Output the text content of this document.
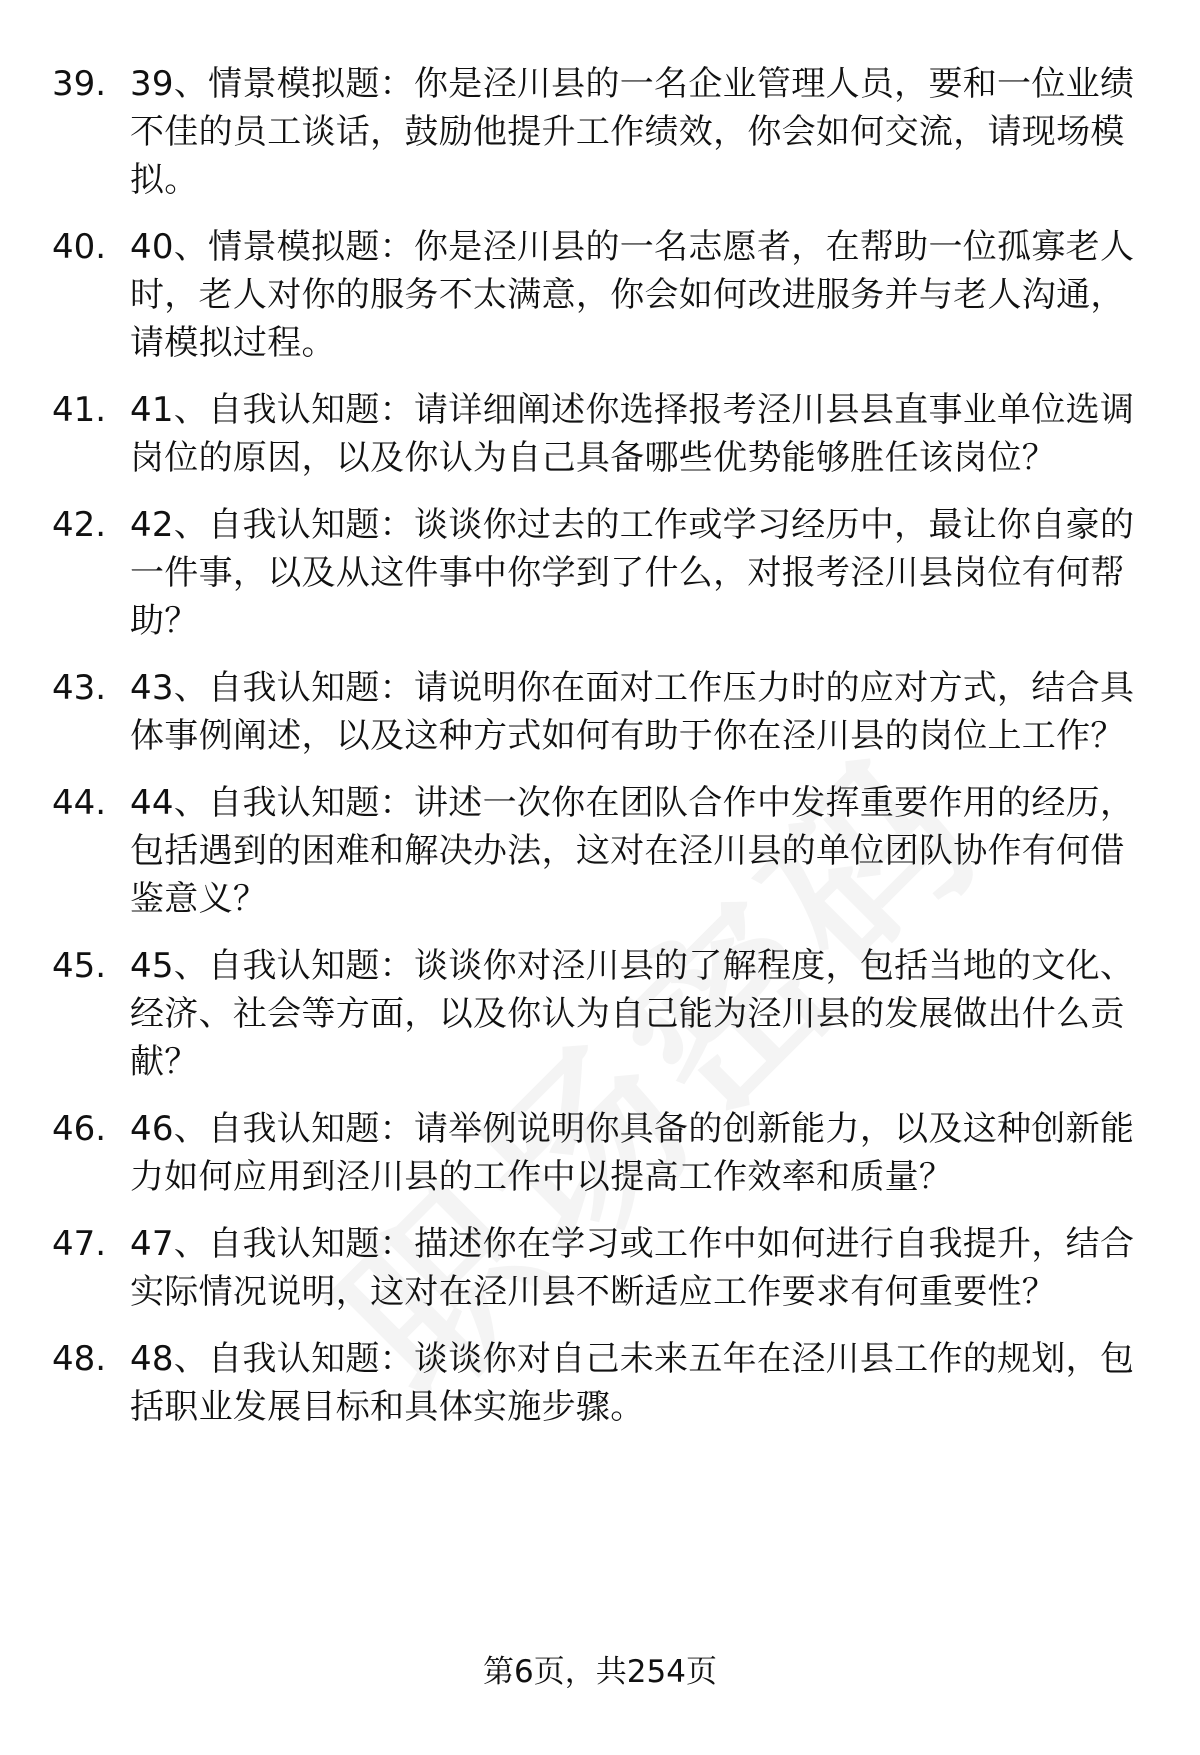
39. 39、情景模拟题：你是泾川县的一名企业管理人员，要和一位业绩不佳的员工谈话，鼓励他提升工作绩效，你会如何交流，请现场模拟。
40. 40、情景模拟题：你是泾川县的一名志愿者，在帮助一位孤寡老人时，老人对你的服务不太满意，你会如何改进服务并与老人沟通，请模拟过程。
41. 41、自我认知题：请详细阐述你选择报考泾川县县直事业单位选调岗位的原因，以及你认为自己具备哪些优势能够胜任该岗位？
42. 42、自我认知题：谈谈你过去的工作或学习经历中，最让你自豪的一件事，以及从这件事中你学到了什么，对报考泾川县岗位有何帮助？
43. 43、自我认知题：请说明你在面对工作压力时的应对方式，结合具体事例阐述，以及这种方式如何有助于你在泾川县的岗位上工作？
44. 44、自我认知题：讲述一次你在团队合作中发挥重要作用的经历，包括遇到的困难和解决办法，这对在泾川县的单位团队协作有何借鉴意义？
45. 45、自我认知题：谈谈你对泾川县的了解程度，包括当地的文化、经济、社会等方面，以及你认为自己能为泾川县的发展做出什么贡献？
46. 46、自我认知题：请举例说明你具备的创新能力，以及这种创新能力如何应用到泾川县的工作中以提高工作效率和质量？
47. 47、自我认知题：描述你在学习或工作中如何进行自我提升，结合实际情况说明，这对在泾川县不断适应工作要求有何重要性？
48. 48、自我认知题：谈谈你对自己未来五年在泾川县工作的规划，包括职业发展目标和具体实施步骤。
第6页，共254页
